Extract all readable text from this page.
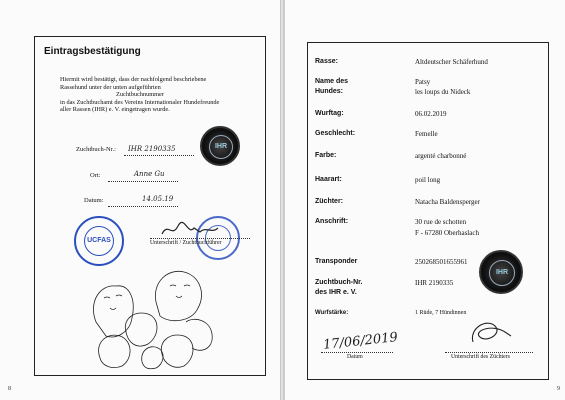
Eintragsbestätigung
Hiermit wird bestätigt, dass der nachfolgend beschriebene
Rassehund unter der unten aufgeführten

Zuchtbuchnummer
in das Zuchtbuchamt des Vereins Internationaler Hundefreunde
aller Rassen (IHR) e. V. eingetragen wurde.
IHR
Zuchtbuch-Nr.: IHR 2190335
Ort:	Anne Gu
Datum:	14.05.19
UCFAS	Unterschrift / Zuchtbuchführer
8
Rasse:	Altdeutscher Schäferhund
Name des	Patsy
Hundes:	les loups du Nideck
Wurftag:	06.02.2019
Geschlecht:	Femelle
Farbe:	argenté charbonné
Haarart:	poil long
Züchter:	Natacha Baldensperger
Anschrift:	30 rue de schotten
F - 67280 Oberhaslach
Transponder	250268501655961
Zuchtbuch-Nr.	IHR 2190335
des IHR e. V.
Wurfstärke:	1 Rüde, 7 Hündinnen
IHR
17/06/2019
Datum	Unterschrift des Züchters
9
